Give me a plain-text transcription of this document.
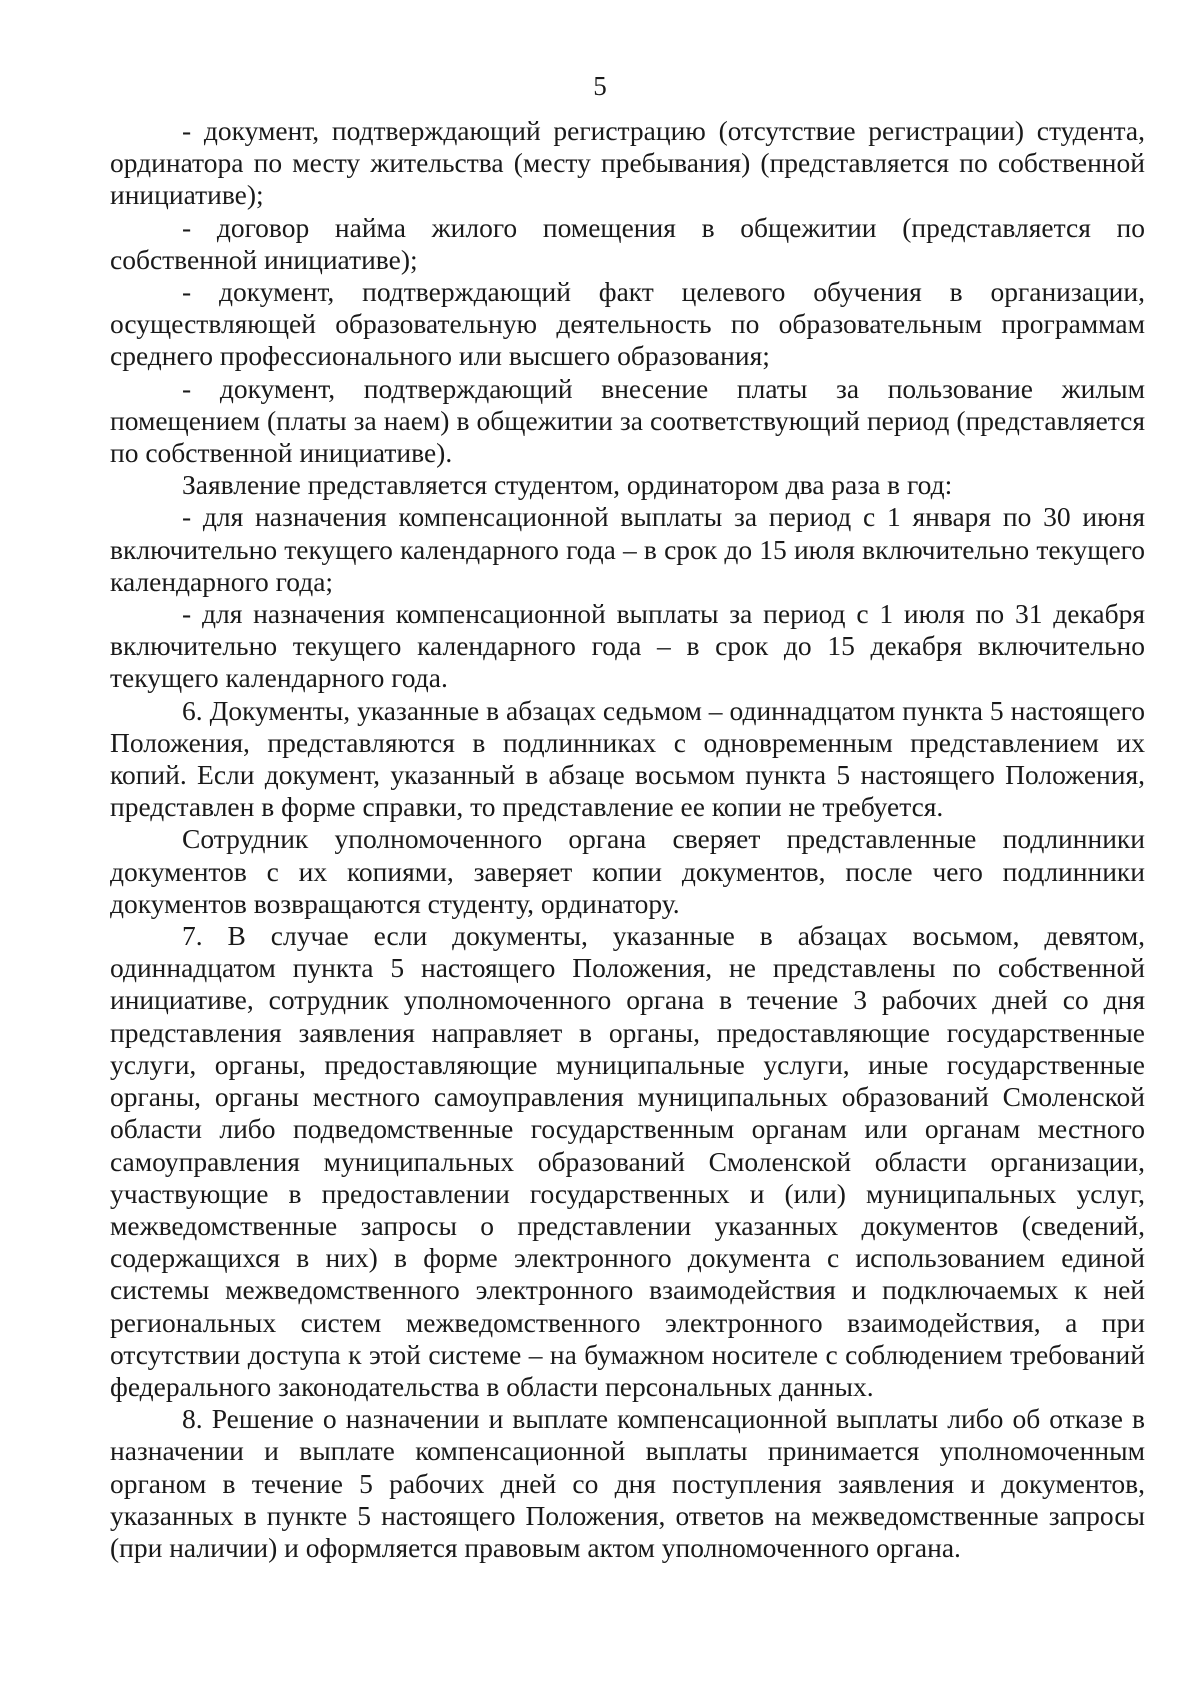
5

- документ, подтверждающий регистрацию (отсутствие регистрации) студента, ординатора по месту жительства (месту пребывания) (представляется по собственной инициативе);

- договор найма жилого помещения в общежитии (представляется по собственной инициативе);

- документ, подтверждающий факт целевого обучения в организации, осуществляющей образовательную деятельность по образовательным программам среднего профессионального или высшего образования;

- документ, подтверждающий внесение платы за пользование жилым помещением (платы за наем) в общежитии за соответствующий период (представляется по собственной инициативе).

Заявление представляется студентом, ординатором два раза в год:

- для назначения компенсационной выплаты за период с 1 января по 30 июня включительно текущего календарного года – в срок до 15 июля включительно текущего календарного года;

- для назначения компенсационной выплаты за период с 1 июля по 31 декабря включительно текущего календарного года – в срок до 15 декабря включительно текущего календарного года.

6. Документы, указанные в абзацах седьмом – одиннадцатом пункта 5 настоящего Положения, представляются в подлинниках с одновременным представлением их копий. Если документ, указанный в абзаце восьмом пункта 5 настоящего Положения, представлен в форме справки, то представление ее копии не требуется.

Сотрудник уполномоченного органа сверяет представленные подлинники документов с их копиями, заверяет копии документов, после чего подлинники документов возвращаются студенту, ординатору.

7. В случае если документы, указанные в абзацах восьмом, девятом, одиннадцатом пункта 5 настоящего Положения, не представлены по собственной инициативе, сотрудник уполномоченного органа в течение 3 рабочих дней со дня представления заявления направляет в органы, предоставляющие государственные услуги, органы, предоставляющие муниципальные услуги, иные государственные органы, органы местного самоуправления муниципальных образований Смоленской области либо подведомственные государственным органам или органам местного самоуправления муниципальных образований Смоленской области организации, участвующие в предоставлении государственных и (или) муниципальных услуг, межведомственные запросы о представлении указанных документов (сведений, содержащихся в них) в форме электронного документа с использованием единой системы межведомственного электронного взаимодействия и подключаемых к ней региональных систем межведомственного электронного взаимодействия, а при отсутствии доступа к этой системе – на бумажном носителе с соблюдением требований федерального законодательства в области персональных данных.

8. Решение о назначении и выплате компенсационной выплаты либо об отказе в назначении и выплате компенсационной выплаты принимается уполномоченным органом в течение 5 рабочих дней со дня поступления заявления и документов, указанных в пункте 5 настоящего Положения, ответов на межведомственные запросы (при наличии) и оформляется правовым актом уполномоченного органа.
